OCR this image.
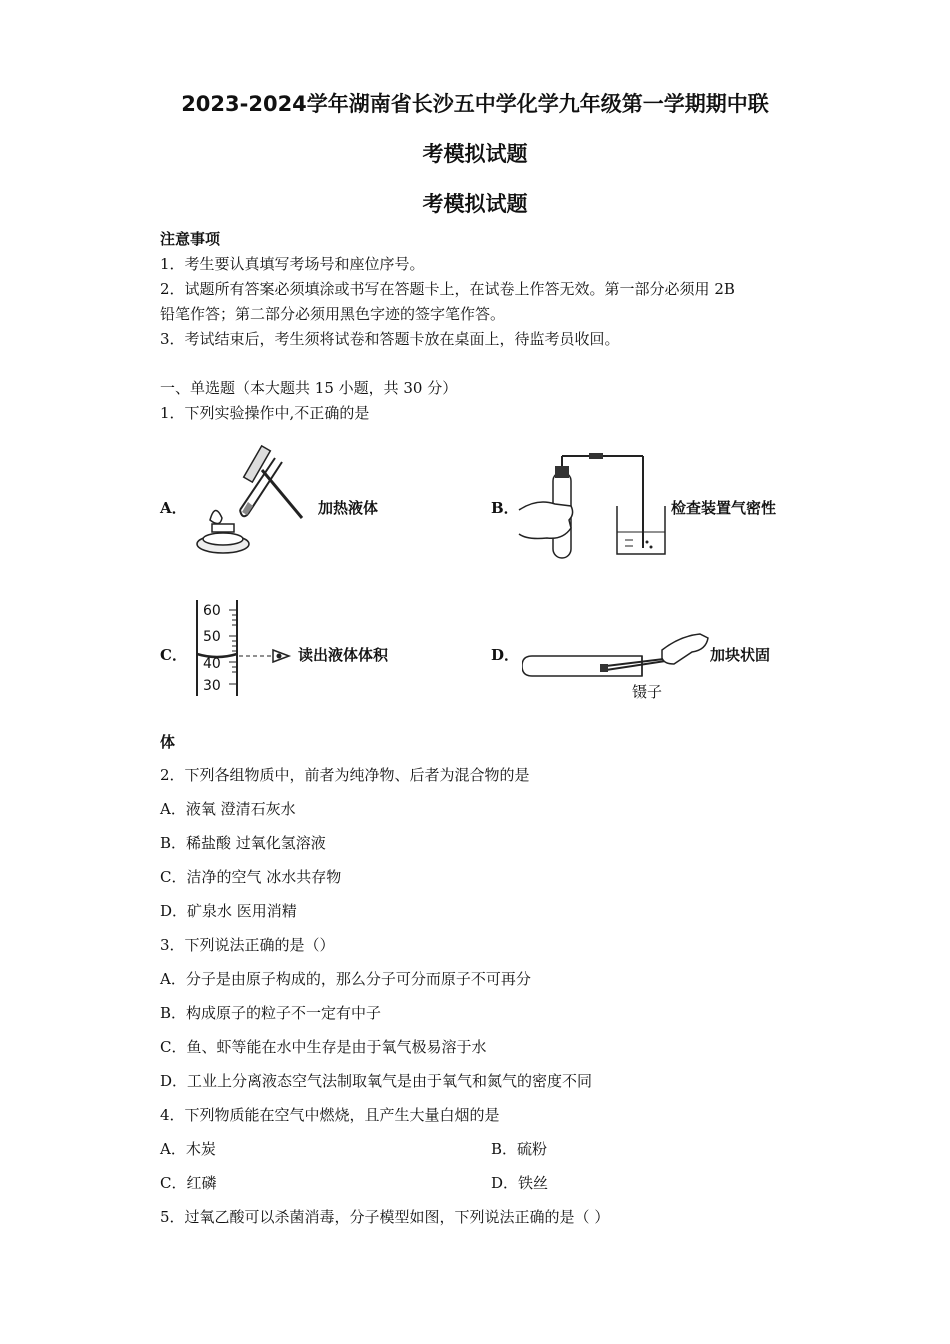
2023-2024学年湖南省长沙五中学化学九年级第一学期期中联
考模拟试题
考模拟试题
注意事项
1．考生要认真填写考场号和座位序号。
2．试题所有答案必须填涂或书写在答题卡上，在试卷上作答无效。第一部分必须用 2B
铅笔作答；第二部分必须用黑色字迹的签字笔作答。
3．考试结束后，考生须将试卷和答题卡放在桌面上，待监考员收回。
一、单选题（本大题共 15 小题，共 30 分）
1．下列实验操作中,不正确的是
A．	加热液体	B．	检查装置气密性
C．
60
50
40
30
读出液体体积	D．	加块状固
镊子
体
2．下列各组物质中，前者为纯净物、后者为混合物的是
A．液氧 澄清石灰水
B．稀盐酸 过氧化氢溶液
C．洁净的空气 冰水共存物
D．矿泉水 医用消精
3．下列说法正确的是（）
A．分子是由原子构成的，那么分子可分而原子不可再分
B．构成原子的粒子不一定有中子
C．鱼、虾等能在水中生存是由于氧气极易溶于水
D．工业上分离液态空气法制取氧气是由于氧气和氮气的密度不同
4．下列物质能在空气中燃烧，且产生大量白烟的是
A．木炭	B．硫粉
C．红磷	D．铁丝
5．过氧乙酸可以杀菌消毒，分子模型如图，下列说法正确的是（ ）
